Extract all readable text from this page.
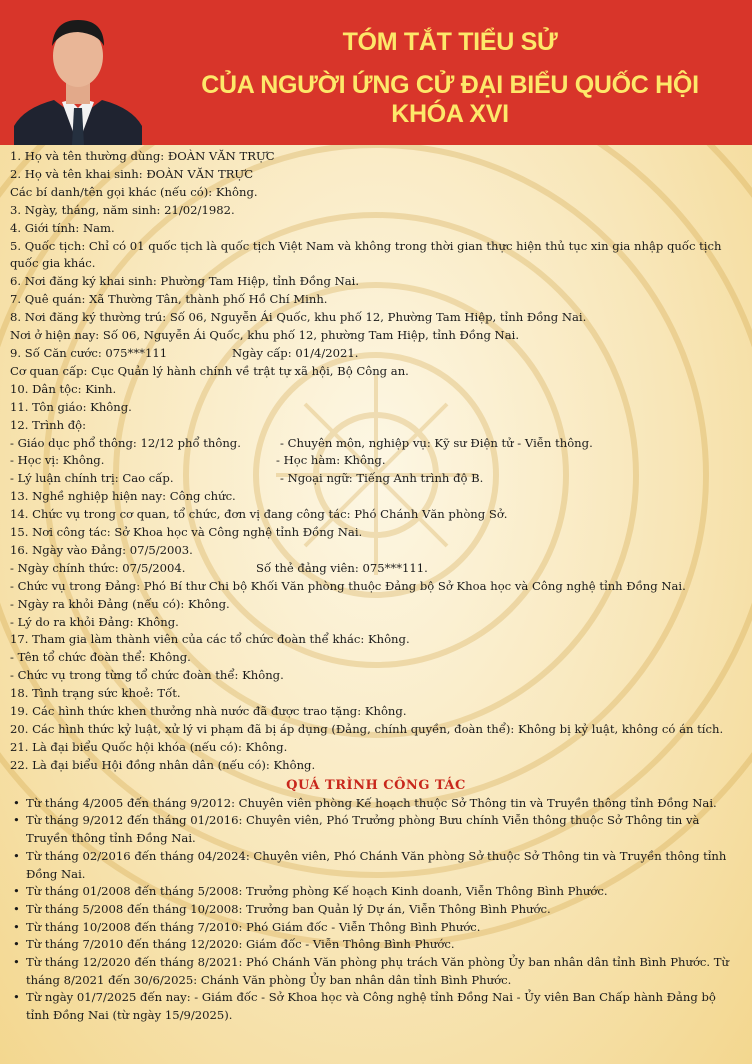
TÓM TẮT TIỂU SỬ
CỦA NGƯỜI ỨNG CỬ ĐẠI BIỂU QUỐC HỘI KHÓA XVI
1. Họ và tên thường dùng: ĐOÀN VĂN TRỰC
2. Họ và tên khai sinh: ĐOÀN VĂN TRỰC
Các bí danh/tên gọi khác (nếu có): Không.
3. Ngày, tháng, năm sinh: 21/02/1982.
4. Giới tính: Nam.
5. Quốc tịch: Chỉ có 01 quốc tịch là quốc tịch Việt Nam và không trong thời gian thực hiện thủ tục xin gia nhập quốc tịch quốc gia khác.
6. Nơi đăng ký khai sinh: Phường Tam Hiệp, tỉnh Đồng Nai.
7. Quê quán: Xã Thường Tân, thành phố Hồ Chí Minh.
8. Nơi đăng ký thường trú: Số 06, Nguyễn Ái Quốc, khu phố 12, Phường Tam Hiệp, tỉnh Đồng Nai.
Nơi ở hiện nay: Số 06, Nguyễn Ái Quốc, khu phố 12, phường Tam Hiệp, tỉnh Đồng Nai.
9. Số Căn cước: 075***111	Ngày cấp: 01/4/2021.
Cơ quan cấp: Cục Quản lý hành chính về trật tự xã hội, Bộ Công an.
10. Dân tộc: Kinh.
11. Tôn giáo: Không.
12. Trình độ:
- Giáo dục phổ thông: 12/12 phổ thông.	- Chuyên môn, nghiệp vụ: Kỹ sư Điện tử - Viễn thông.
- Học vị: Không.	- Học hàm: Không.
- Lý luận chính trị: Cao cấp.	- Ngoại ngữ: Tiếng Anh trình độ B.
13. Nghề nghiệp hiện nay: Công chức.
14. Chức vụ trong cơ quan, tổ chức, đơn vị đang công tác: Phó Chánh Văn phòng Sở.
15. Nơi công tác: Sở Khoa học và Công nghệ tỉnh Đồng Nai.
16. Ngày vào Đảng: 07/5/2003.
- Ngày chính thức: 07/5/2004.	Số thẻ đảng viên: 075***111.
- Chức vụ trong Đảng: Phó Bí thư Chi bộ Khối Văn phòng thuộc Đảng bộ Sở Khoa học và Công nghệ tỉnh Đồng Nai.
- Ngày ra khỏi Đảng (nếu có): Không.
- Lý do ra khỏi Đảng: Không.
17. Tham gia làm thành viên của các tổ chức đoàn thể khác: Không.
- Tên tổ chức đoàn thể: Không.
- Chức vụ trong từng tổ chức đoàn thể: Không.
18. Tình trạng sức khoẻ: Tốt.
19. Các hình thức khen thưởng nhà nước đã được trao tặng: Không.
20. Các hình thức kỷ luật, xử lý vi phạm đã bị áp dụng (Đảng, chính quyền, đoàn thể): Không bị kỷ luật, không có án tích.
21. Là đại biểu Quốc hội khóa (nếu có): Không.
22. Là đại biểu Hội đồng nhân dân (nếu có): Không.
QUÁ TRÌNH CÔNG TÁC
• Từ tháng 4/2005 đến tháng 9/2012: Chuyên viên phòng Kế hoạch thuộc Sở Thông tin và Truyền thông tỉnh Đồng Nai.
• Từ tháng 9/2012 đến tháng 01/2016: Chuyên viên, Phó Trưởng phòng Bưu chính Viễn thông thuộc Sở Thông tin và Truyền thông tỉnh Đồng Nai.
• Từ tháng 02/2016 đến tháng 04/2024: Chuyên viên, Phó Chánh Văn phòng Sở thuộc Sở Thông tin và Truyền thông tỉnh Đồng Nai.
• Từ tháng 01/2008 đến tháng 5/2008: Trưởng phòng Kế hoạch Kinh doanh, Viễn Thông Bình Phước.
• Từ tháng 5/2008 đến tháng 10/2008: Trưởng ban Quản lý Dự án, Viễn Thông Bình Phước.
• Từ tháng 10/2008 đến tháng 7/2010: Phó Giám đốc - Viễn Thông Bình Phước.
• Từ tháng 7/2010 đến tháng 12/2020: Giám đốc - Viễn Thông Bình Phước.
• Từ tháng 12/2020 đến tháng 8/2021: Phó Chánh Văn phòng phụ trách Văn phòng Ủy ban nhân dân tỉnh Bình Phước. Từ tháng 8/2021 đến 30/6/2025: Chánh Văn phòng Ủy ban nhân dân tỉnh Bình Phước.
• Từ ngày 01/7/2025 đến nay: - Giám đốc - Sở Khoa học và Công nghệ tỉnh Đồng Nai - Ủy viên Ban Chấp hành Đảng bộ tỉnh Đồng Nai (từ ngày 15/9/2025).
